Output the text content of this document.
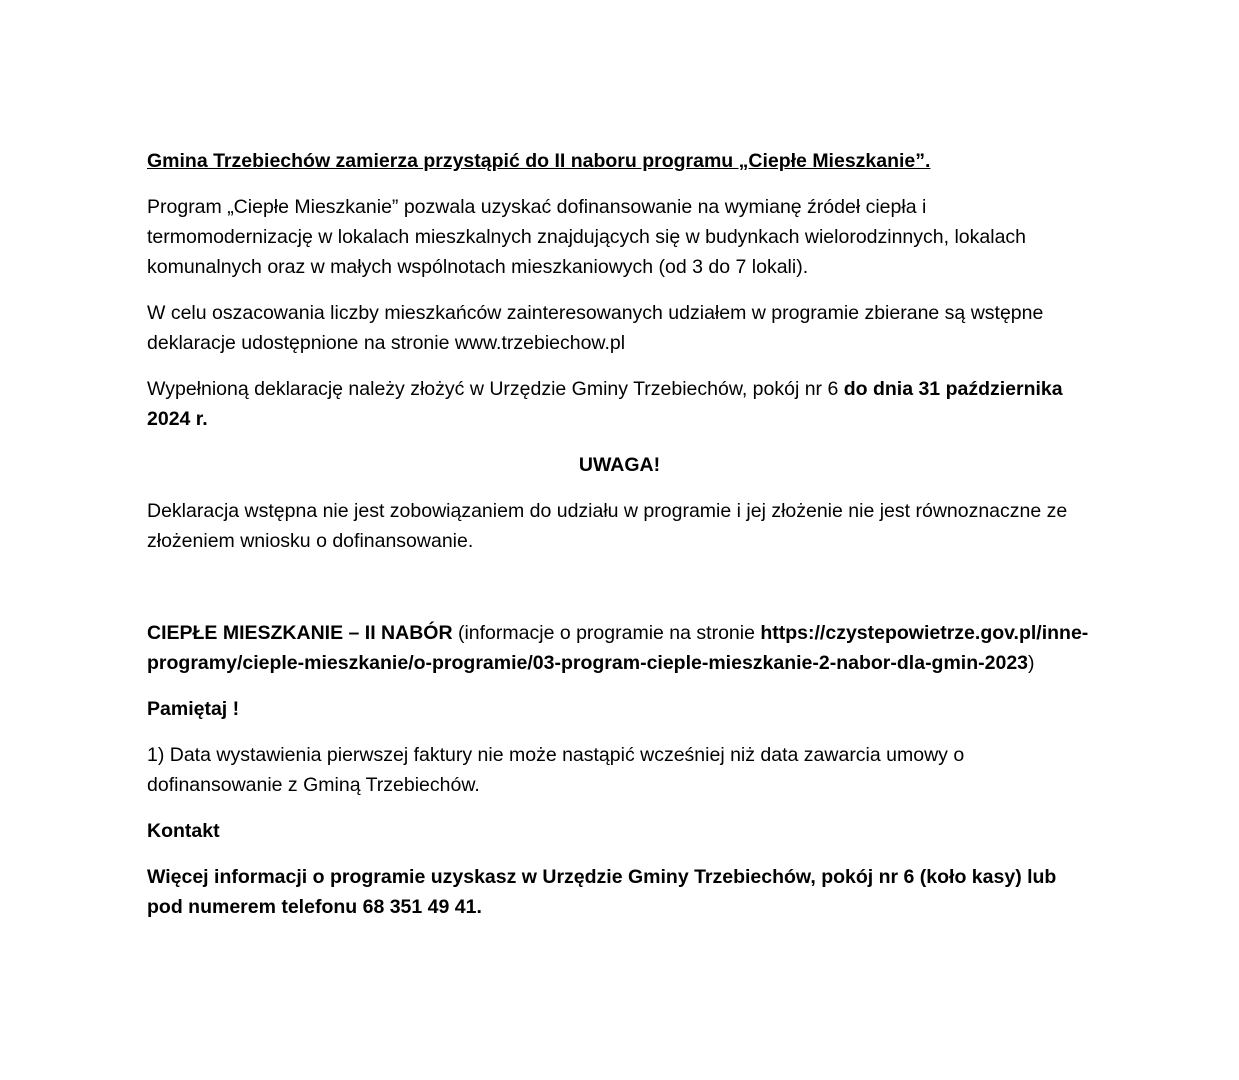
Gmina Trzebiechów zamierza przystąpić do II naboru programu „Ciepłe Mieszkanie”.

Program „Ciepłe Mieszkanie” pozwala uzyskać dofinansowanie na wymianę źródeł ciepła i termomodernizację w lokalach mieszkalnych znajdujących się w budynkach wielorodzinnych, lokalach komunalnych oraz w małych wspólnotach mieszkaniowych (od 3 do 7 lokali).

W celu oszacowania liczby mieszkańców zainteresowanych udziałem w programie zbierane są wstępne deklaracje udostępnione na stronie www.trzebiechow.pl

Wypełnioną deklarację należy złożyć w Urzędzie Gminy Trzebiechów, pokój nr 6 do dnia 31 października 2024 r.

UWAGA!

Deklaracja wstępna nie jest zobowiązaniem do udziału w programie i jej złożenie nie jest równoznaczne ze złożeniem wniosku o dofinansowanie.

CIEPŁE MIESZKANIE – II NABÓR (informacje o programie na stronie https://czystepowietrze.gov.pl/inne-programy/cieple-mieszkanie/o-programie/03-program-cieple-mieszkanie-2-nabor-dla-gmin-2023)

Pamiętaj !

1) Data wystawienia pierwszej faktury nie może nastąpić wcześniej niż data zawarcia umowy o dofinansowanie z Gminą Trzebiechów.

Kontakt

Więcej informacji o programie uzyskasz w Urzędzie Gminy Trzebiechów, pokój nr 6 (koło kasy) lub pod numerem telefonu 68 351 49 41.
